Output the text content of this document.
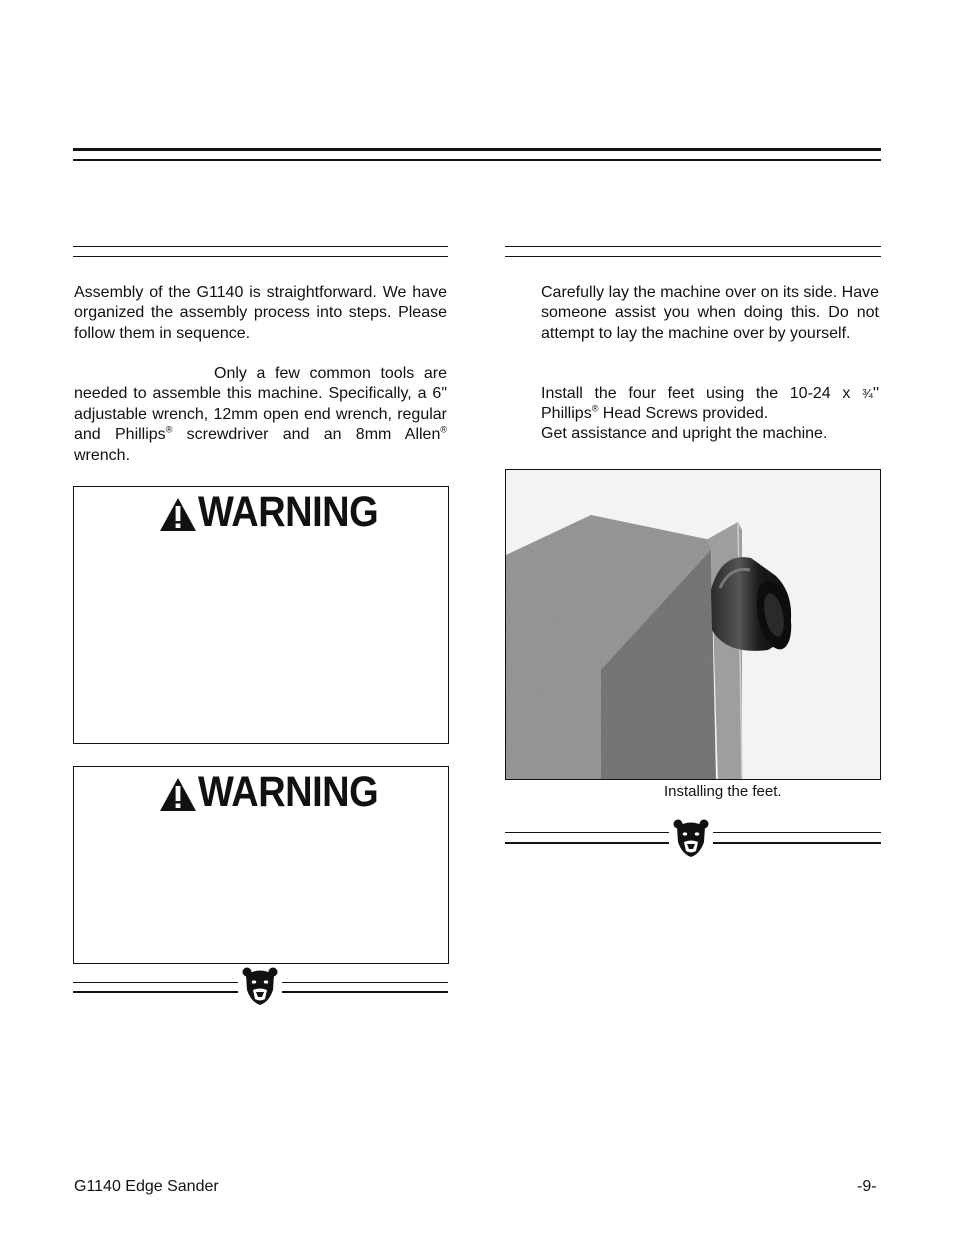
Assembly of the G1140 is straightforward. We have organized the assembly process into steps. Please follow them in sequence.

Only a few common tools are needed to assemble this machine. Specifically, a 6" adjustable wrench, 12mm open end wrench, regular and Phillips® screwdriver and an 8mm Allen® wrench.

WARNING
WARNING

Carefully lay the machine over on its side. Have someone assist you when doing this. Do not attempt to lay the machine over by yourself.

Install the four feet using the 10-24 x ¾'' Phillips® Head Screws provided.

Get assistance and upright the machine.

Installing the feet.
G1140 Edge Sander	-9-
